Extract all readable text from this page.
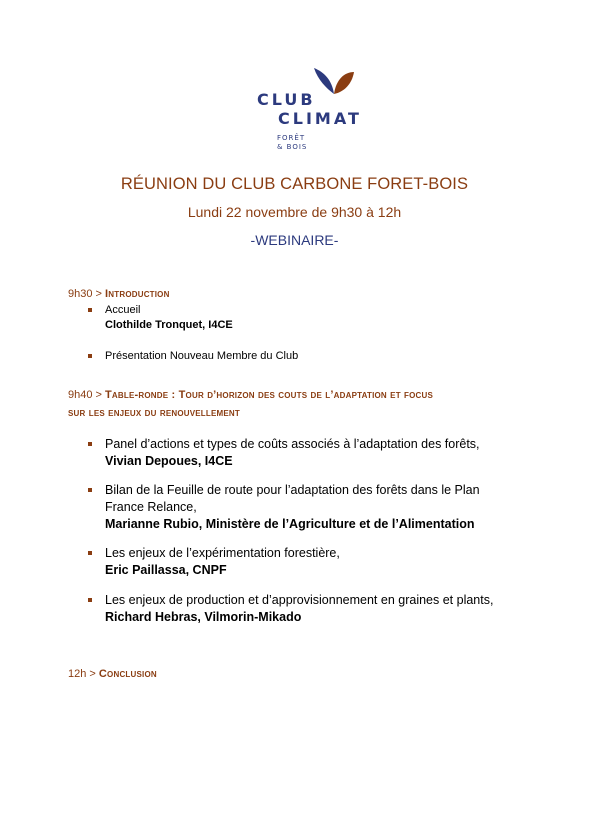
CLUB
CLIMAT
FORÊT
& BOIS
RÉUNION DU CLUB CARBONE FORET-BOIS
Lundi 22 novembre de 9h30 à 12h
-WEBINAIRE-
9h30 > Introduction
Accueil
Clothilde Tronquet, I4CE
Présentation Nouveau Membre du Club
9h40 > Table-ronde : Tour d’horizon des couts de l’adaptation et focus
sur les enjeux du renouvellement
Panel d’actions et types de coûts associés à l’adaptation des forêts,
Vivian Depoues, I4CE
Bilan de la Feuille de route pour l’adaptation des forêts dans le Plan
France Relance,
Marianne Rubio, Ministère de l’Agriculture et de l’Alimentation
Les enjeux de l’expérimentation forestière,
Eric Paillassa, CNPF
Les enjeux de production et d’approvisionnement en graines et plants,
Richard Hebras, Vilmorin-Mikado
12h > Conclusion
